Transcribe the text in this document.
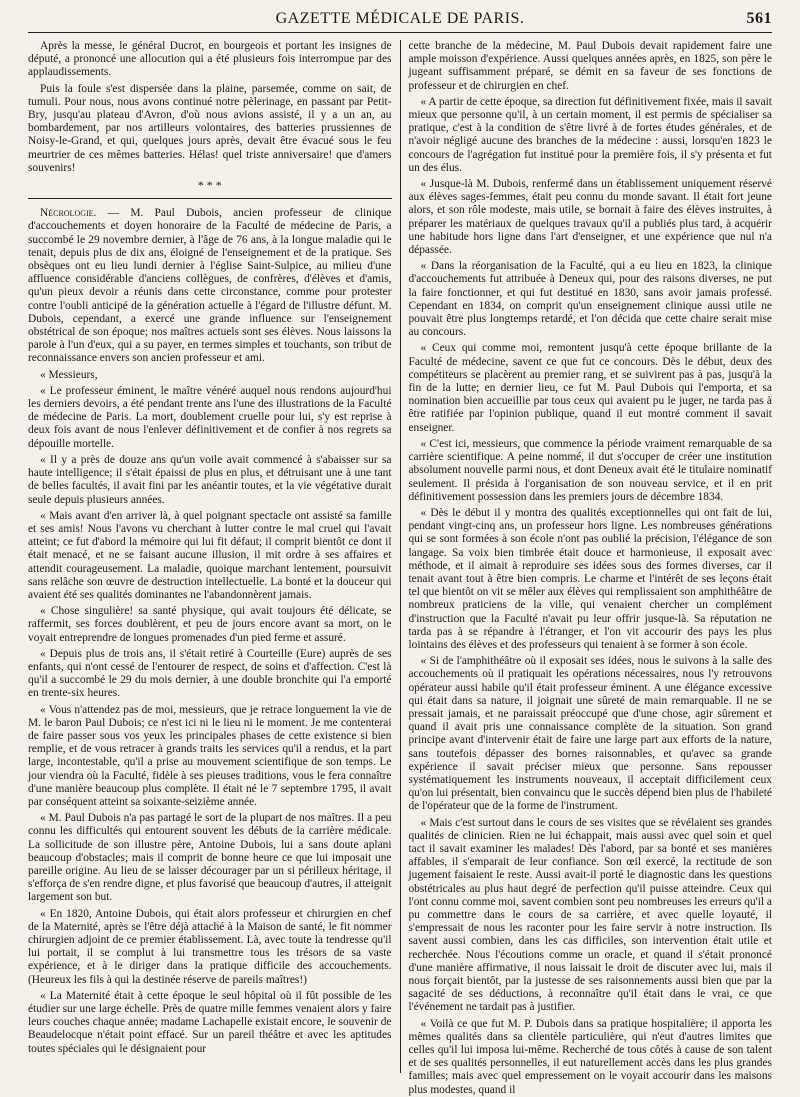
GAZETTE MÉDICALE DE PARIS.	561

Après la messe, le général Ducrot, en bourgeois et portant les insignes de député, a prononcé une allocution qui a été plusieurs fois interrompue par des applaudissements.

Puis la foule s'est dispersée dans la plaine, parsemée, comme on sait, de tumuli. Pour nous, nous avons continué notre pèlerinage, en passant par Petit-Bry, jusqu'au plateau d'Avron, d'où nous avions assisté, il y a un an, au bombardement, par nos artilleurs volontaires, des batteries prussiennes de Noisy-le-Grand, et qui, quelques jours après, devait être évacué sous le feu meurtrier de ces mêmes batteries. Hélas! quel triste anniversaire! que d'amers souvenirs!

* * *

Nécrologie. — M. Paul Dubois, ancien professeur de clinique d'accouchements et doyen honoraire de la Faculté de médecine de Paris, a succombé le 29 novembre dernier, à l'âge de 76 ans, à la longue maladie qui le tenait, depuis plus de dix ans, éloigné de l'enseignement et de la pratique. Ses obsèques ont eu lieu lundi dernier à l'église Saint-Sulpice, au milieu d'une affluence considérable d'anciens collègues, de confrères, d'élèves et d'amis, qu'un pieux devoir a réunis dans cette circonstance, comme pour protester contre l'oubli anticipé de la génération actuelle à l'égard de l'illustre défunt. M. Dubois, cependant, a exercé une grande influence sur l'enseignement obstétrical de son époque; nos maîtres actuels sont ses élèves. Nous laissons la parole à l'un d'eux, qui a su payer, en termes simples et touchants, son tribut de reconnaissance envers son ancien professeur et ami.

« Messieurs,

« Le professeur éminent, le maître vénéré auquel nous rendons aujourd'hui les derniers devoirs, a été pendant trente ans l'une des illustrations de la Faculté de médecine de Paris. La mort, doublement cruelle pour lui, s'y est reprise à deux fois avant de nous l'enlever définitivement et de confier à nos regrets sa dépouille mortelle.

« Il y a près de douze ans qu'un voile avait commencé à s'abaisser sur sa haute intelligence; il s'était épaissi de plus en plus, et détruisant une à une tant de belles facultés, il avait fini par les anéantir toutes, et la vie végétative durait seule depuis plusieurs années.

« Mais avant d'en arriver là, à quel poignant spectacle ont assisté sa famille et ses amis! Nous l'avons vu cherchant à lutter contre le mal cruel qui l'avait atteint; ce fut d'abord la mémoire qui lui fit défaut; il comprit bientôt ce dont il était menacé, et ne se faisant aucune illusion, il mit ordre à ses affaires et attendit courageusement. La maladie, quoique marchant lentement, poursuivit sans relâche son œuvre de destruction intellectuelle. La bonté et la douceur qui avaient été ses qualités dominantes ne l'abandonnèrent jamais.

« Chose singulière! sa santé physique, qui avait toujours été délicate, se raffermit, ses forces doublèrent, et peu de jours encore avant sa mort, on le voyait entreprendre de longues promenades d'un pied ferme et assuré.

« Depuis plus de trois ans, il s'était retiré à Courteille (Eure) auprès de ses enfants, qui n'ont cessé de l'entourer de respect, de soins et d'affection. C'est là qu'il a succombé le 29 du mois dernier, à une double bronchite qui l'a emporté en trente-six heures.

« Vous n'attendez pas de moi, messieurs, que je retrace longuement la vie de M. le baron Paul Dubois; ce n'est ici ni le lieu ni le moment. Je me contenterai de faire passer sous vos yeux les principales phases de cette existence si bien remplie, et de vous retracer à grands traits les services qu'il a rendus, et la part large, incontestable, qu'il a prise au mouvement scientifique de son temps. Le jour viendra où la Faculté, fidèle à ses pieuses traditions, vous le fera connaître d'une manière beaucoup plus complète. Il était né le 7 septembre 1795, il avait par conséquent atteint sa soixante-seizième année.

« M. Paul Dubois n'a pas partagé le sort de la plupart de nos maîtres. Il a peu connu les difficultés qui entourent souvent les débuts de la carrière médicale. La sollicitude de son illustre père, Antoine Dubois, lui a sans doute aplani beaucoup d'obstacles; mais il comprit de bonne heure ce que lui imposait une pareille origine. Au lieu de se laisser décourager par un si périlleux héritage, il s'efforça de s'en rendre digne, et plus favorisé que beaucoup d'autres, il atteignit largement son but.

« En 1820, Antoine Dubois, qui était alors professeur et chirurgien en chef de la Maternité, après se l'être déjà attaché à la Maison de santé, le fit nommer chirurgien adjoint de ce premier établissement. Là, avec toute la tendresse qu'il lui portait, il se complut à lui transmettre tous les trésors de sa vaste expérience, et à le diriger dans la pratique difficile des accouchements. (Heureux les fils à qui la destinée réserve de pareils maîtres!)

« La Maternité était à cette époque le seul hôpital où il fût possible de les étudier sur une large échelle. Près de quatre mille femmes venaient alors y faire leurs couches chaque année; madame Lachapelle existait encore, le souvenir de Beaudelocque n'était point effacé. Sur un pareil théâtre et avec les aptitudes toutes spéciales qui le désignaient pour

cette branche de la médecine, M. Paul Dubois devait rapidement faire une ample moisson d'expérience. Aussi quelques années après, en 1825, son père le jugeant suffisamment préparé, se démit en sa faveur de ses fonctions de professeur et de chirurgien en chef.

« A partir de cette époque, sa direction fut définitivement fixée, mais il savait mieux que personne qu'il, à un certain moment, il est permis de spécialiser sa pratique, c'est à la condition de s'être livré à de fortes études générales, et de n'avoir négligé aucune des branches de la médecine : aussi, lorsqu'en 1823 le concours de l'agrégation fut institué pour la première fois, il s'y présenta et fut un des élus.

« Jusque-là M. Dubois, renfermé dans un établissement uniquement réservé aux élèves sages-femmes, était peu connu du monde savant. Il était fort jeune alors, et son rôle modeste, mais utile, se bornait à faire des élèves instruites, à préparer les matériaux de quelques travaux qu'il a publiés plus tard, à acquérir une habitude hors ligne dans l'art d'enseigner, et une expérience que nul n'a dépassée.

« Dans la réorganisation de la Faculté, qui a eu lieu en 1823, la clinique d'accouchements fut attribuée à Deneux qui, pour des raisons diverses, ne put la faire fonctionner, et qui fut destitué en 1830, sans avoir jamais professé. Cependant en 1834, on comprit qu'un enseignement clinique aussi utile ne pouvait être plus longtemps retardé, et l'on décida que cette chaire serait mise au concours.

« Ceux qui comme moi, remontent jusqu'à cette époque brillante de la Faculté de médecine, savent ce que fut ce concours. Dès le début, deux des compétiteurs se placèrent au premier rang, et se suivirent pas à pas, jusqu'à la fin de la lutte; en dernier lieu, ce fut M. Paul Dubois qui l'emporta, et sa nomination bien accueillie par tous ceux qui avaient pu le juger, ne tarda pas à être ratifiée par l'opinion publique, quand il eut montré comment il savait enseigner.

« C'est ici, messieurs, que commence la période vraiment remarquable de sa carrière scientifique. A peine nommé, il dut s'occuper de créer une institution absolument nouvelle parmi nous, et dont Deneux avait été le titulaire nominatif seulement. Il présida à l'organisation de son nouveau service, et il en prit définitivement possession dans les premiers jours de décembre 1834.

« Dès le début il y montra des qualités exceptionnelles qui ont fait de lui, pendant vingt-cinq ans, un professeur hors ligne. Les nombreuses générations qui se sont formées à son école n'ont pas oublié la précision, l'élégance de son langage. Sa voix bien timbrée était douce et harmonieuse, il exposait avec méthode, et il aimait à reproduire ses idées sous des formes diverses, car il tenait avant tout à être bien compris. Le charme et l'intérêt de ses leçons était tel que bientôt on vit se mêler aux élèves qui remplissaient son amphithéâtre de nombreux praticiens de la ville, qui venaient chercher un complément d'instruction que la Faculté n'avait pu leur offrir jusque-là. Sa réputation ne tarda pas à se répandre à l'étranger, et l'on vit accourir des pays les plus lointains des élèves et des professeurs qui tenaient à se former à son école.

« Si de l'amphithéâtre où il exposait ses idées, nous le suivons à la salle des accouchements où il pratiquait les opérations nécessaires, nous l'y retrouvons opérateur aussi habile qu'il était professeur éminent. A une élégance excessive qui était dans sa nature, il joignait une sûreté de main remarquable. Il ne se pressait jamais, et ne paraissait préoccupé que d'une chose, agir sûrement et quand il avait pris une connaissance complète de la situation. Son grand principe avant d'intervenir était de faire une large part aux efforts de la nature, sans toutefois dépasser des bornes raisonnables, et qu'avec sa grande expérience il savait préciser mieux que personne. Sans repousser systématiquement les instruments nouveaux, il acceptait difficilement ceux qu'on lui présentait, bien convaincu que le succès dépend bien plus de l'habileté de l'opérateur que de la forme de l'instrument.

« Mais c'est surtout dans le cours de ses visites que se révélaient ses grandes qualités de clinicien. Rien ne lui échappait, mais aussi avec quel soin et quel tact il savait examiner les malades! Dès l'abord, par sa bonté et ses manières affables, il s'emparait de leur confiance. Son œil exercé, la rectitude de son jugement faisaient le reste. Aussi avait-il porté le diagnostic dans les questions obstétricales au plus haut degré de perfection qu'il puisse atteindre. Ceux qui l'ont connu comme moi, savent combien sont peu nombreuses les erreurs qu'il a pu commettre dans le cours de sa carrière, et avec quelle loyauté, il s'empressait de nous les raconter pour les faire servir à notre instruction. Ils savent aussi combien, dans les cas difficiles, son intervention était utile et recherchée. Nous l'écoutions comme un oracle, et quand il s'était prononcé d'une manière affirmative, il nous laissait le droit de discuter avec lui, mais il nous forçait bientôt, par la justesse de ses raisonnements aussi bien que par la sagacité de ses déductions, à reconnaître qu'il était dans le vrai, ce que l'événement ne tardait pas à justifier.

« Voilà ce que fut M. P. Dubois dans sa pratique hospitalière; il apporta les mêmes qualités dans sa clientèle particulière, qui n'eut d'autres limites que celles qu'il lui imposa lui-même. Recherché de tous côtés à cause de son talent et de ses qualités personnelles, il eut naturellement accès dans les plus grandes familles; mais avec quel empressement on le voyait accourir dans les maisons plus modestes, quand il
